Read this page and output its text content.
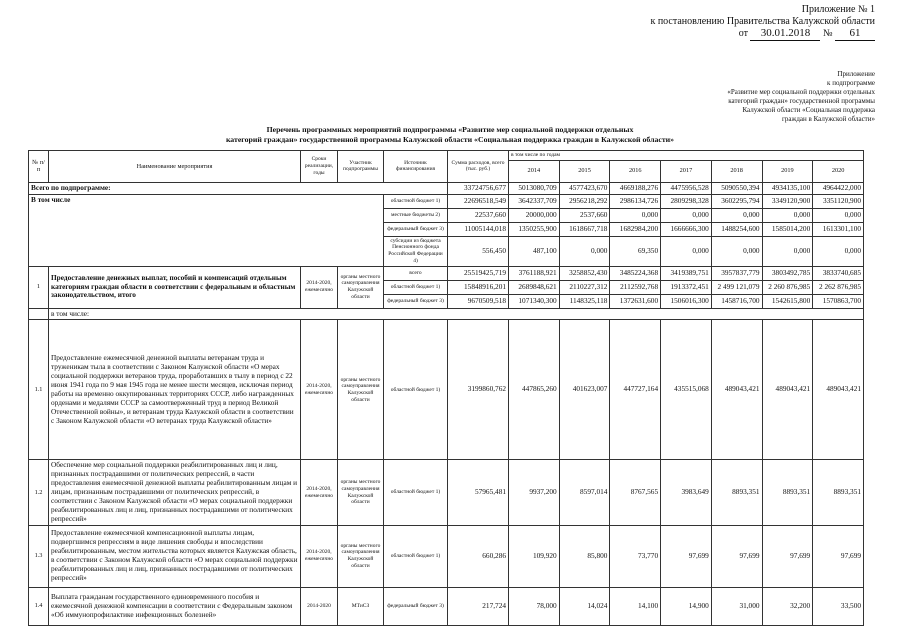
Приложение № 1
к постановлению Правительства Калужской области
от 30.01.2018 № 61
Приложение
к подпрограмме
«Развитие мер социальной поддержки отдельных
категорий граждан» государственной программы
Калужской области «Социальная поддержка
граждан в Калужской области»
Перечень программных мероприятий подпрограммы «Развитие мер социальной поддержки отдельных
категорий граждан» государственной программы Калужской области «Социальная поддержка граждан в Калужской области»
№ п/п	Наименование мероприятия	Сроки реализации, годы	Участник подпрограммы	Источник финансирования	Сумма расходов, всего (тыс. руб.)	в том числе по годам						
						2014	2015	2016	2017	2018	2019	2020
Всего по подпрограмме:					33724756,677	5013080,709	4577423,670	4669188,276	4475956,528	5090550,394	4934135,100	4964422,000
В том числе				областной бюджет 1)	22696518,549	3642337,709	2956218,292	2986134,726	2809298,328	3602295,794	3349120,900	3351120,900
				местные бюджеты 2)	22537,660	20000,000	2537,660	0,000	0,000	0,000	0,000	0,000
				федеральный бюджет 3)	11005144,018	1350255,900	1618667,718	1682984,200	1666666,300	1488254,600	1585014,200	1613301,100
				субсидии из бюджета Пенсионного фонда Российской Федерации 4)	556,450	487,100	0,000	69,350	0,000	0,000	0,000	0,000
1	Предоставление денежных выплат, пособий и компенсаций отдельным категориям граждан области в соответствии с федеральным и областным законодательством, итого	2014-2020, ежемесячно	органы местного самоуправления Калужской области	всего	25519425,719	3761188,921	3258852,430	3485224,368	3419389,751	3957837,779	3803492,785	3833740,685
				областной бюджет 1)	15848916,201	2689848,621	2110227,312	2112592,768	1913372,451	2 499 121,079	2 260 876,985	2 262 876,985
				федеральный бюджет 3)	9670509,518	1071340,300	1148325,118	1372631,600	1506016,300	1458716,700	1542615,800	1570863,700
	в том числе:											
1.1	Предоставление ежемесячной денежной выплаты ветеранам труда и труженикам тыла в соответствии с Законом Калужской области «О мерах социальной поддержки ветеранов труда, проработавших в тылу в период с 22 июня 1941 года по 9 мая 1945 года не менее шести месяцев, исключая период работы на временно оккупированных территориях СССР, либо награжденных орденами и медалями СССР за самоотверженный труд в период Великой Отечественной войны», и ветеранам труда Калужской области в соответствии с Законом Калужской области «О ветеранах труда Калужской области»	2014-2020, ежемесячно	органы местного самоуправления Калужской области	областной бюджет 1)	3199860,762	447865,260	401623,007	447727,164	435515,068	489043,421	489043,421	489043,421
1.2	Обеспечение мер социальной поддержки реабилитированных лиц и лиц, признанных пострадавшими от политических репрессий, в части предоставления ежемесячной денежной выплаты реабилитированным лицам и лицам, признанным пострадавшими от политических репрессий, в соответствии с Законом Калужской области «О мерах социальной поддержки реабилитированных лиц и лиц, признанных пострадавшими от политических репрессий»	2014-2020, ежемесячно	органы местного самоуправления Калужской области	областной бюджет 1)	57965,481	9937,200	8597,014	8767,565	3983,649	8893,351	8893,351	8893,351
1.3	Предоставление ежемесячной компенсационной выплаты лицам, подвергшимся репрессиям в виде лишения свободы и впоследствии реабилитированным, местом жительства которых является Калужская область, в соответствии с Законом Калужской области «О мерах социальной поддержки реабилитированных лиц и лиц, признанных пострадавшими от политических репрессий»	2014-2020, ежемесячно	органы местного самоуправления Калужской области	областной бюджет 1)	660,286	109,920	85,800	73,770	97,699	97,699	97,699	97,699
1.4	Выплата гражданам государственного единовременного пособия и ежемесячной денежной компенсации в соответствии с Федеральным законом «Об иммунопрофилактике инфекционных болезней»	2014-2020	МТиСЗ	федеральный бюджет 3)	217,724	78,000	14,024	14,100	14,900	31,000	32,200	33,500
